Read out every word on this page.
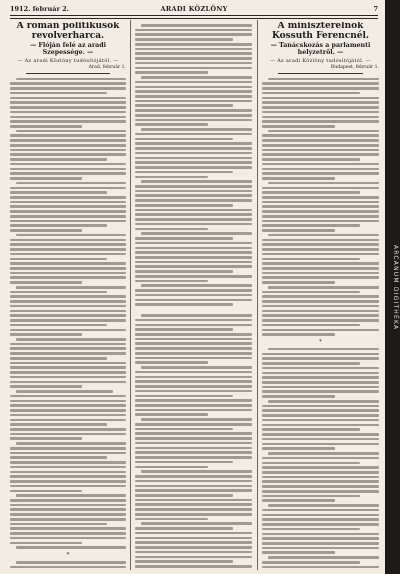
1912. február 2.	ARADI KÖZLÖNY	7
A román politikusok revolverharca.
— Flóján felé az aradi Szepessége. —
— Az aradi Közlöny tudósítójától. —
Arad, február 1.
*
A miniszterelnök Kossuth Ferencnél.
— Tanácskozás a parlamenti helyzetről. —
— Az aradi Közlöny tudósítójától. —
Budapest, február 1.
*
ARCANUM DIGITHÉKA
